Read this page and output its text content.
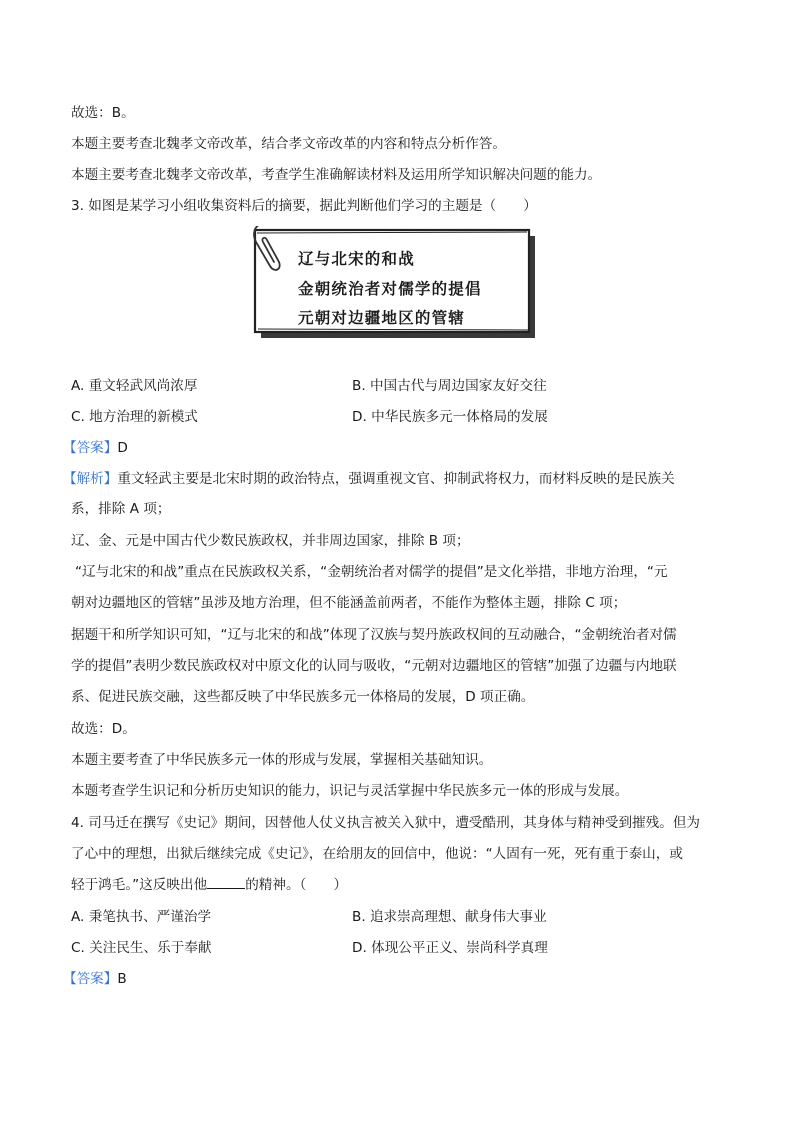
故选：B。
本题主要考查北魏孝文帝改革，结合孝文帝改革的内容和特点分析作答。
本题主要考查北魏孝文帝改革，考查学生准确解读材料及运用所学知识解决问题的能力。
3. 如图是某学习小组收集资料后的摘要，据此判断他们学习的主题是（　　）
辽与北宋的和战
金朝统治者对儒学的提倡
元朝对边疆地区的管辖
A. 重文轻武风尚浓厚	B. 中国古代与周边国家友好交往
C. 地方治理的新模式	D. 中华民族多元一体格局的发展
【答案】D
【解析】重文轻武主要是北宋时期的政治特点，强调重视文官、抑制武将权力，而材料反映的是民族关
系，排除 A 项；
辽、金、元是中国古代少数民族政权，并非周边国家，排除 B 项；
“辽与北宋的和战”重点在民族政权关系，“金朝统治者对儒学的提倡”是文化举措，非地方治理，“元
朝对边疆地区的管辖”虽涉及地方治理，但不能涵盖前两者，不能作为整体主题，排除 C 项；
据题干和所学知识可知，“辽与北宋的和战”体现了汉族与契丹族政权间的互动融合，“金朝统治者对儒
学的提倡”表明少数民族政权对中原文化的认同与吸收，“元朝对边疆地区的管辖”加强了边疆与内地联
系、促进民族交融，这些都反映了中华民族多元一体格局的发展，D 项正确。
故选：D。
本题主要考查了中华民族多元一体的形成与发展，掌握相关基础知识。
本题考查学生识记和分析历史知识的能力，识记与灵活掌握中华民族多元一体的形成与发展。
4. 司马迁在撰写《史记》期间，因替他人仗义执言被关入狱中，遭受酷刑，其身体与精神受到摧残。但为
了心中的理想，出狱后继续完成《史记》，在给朋友的回信中，他说：“人固有一死，死有重于泰山，或
轻于鸿毛。”这反映出他	的精神。（　　）
A. 秉笔执书、严谨治学	B. 追求崇高理想、献身伟大事业
C. 关注民生、乐于奉献	D. 体现公平正义、崇尚科学真理
【答案】B
